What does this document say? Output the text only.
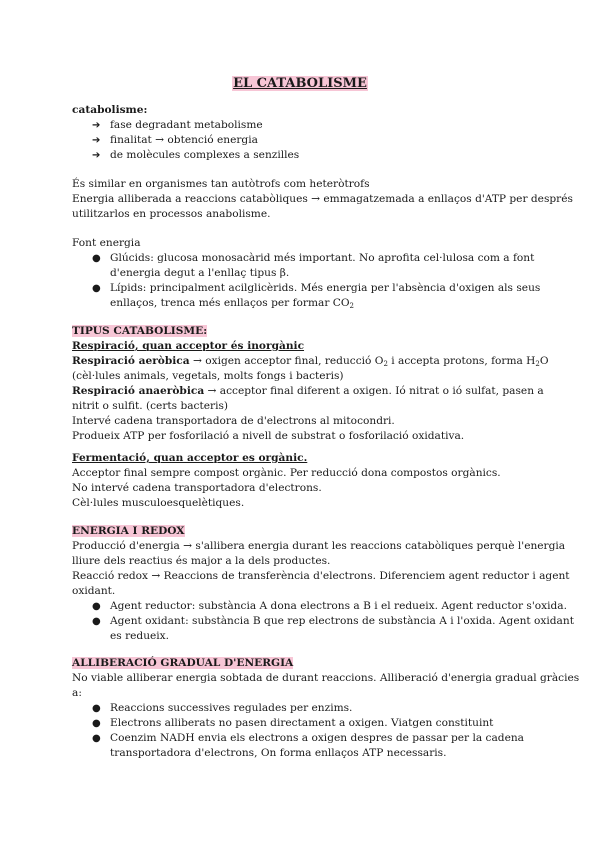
EL CATABOLISME
catabolisme:
➔ fase degradant metabolisme
➔ finalitat → obtenció energia
➔ de molècules complexes a senzilles
És similar en organismes tan autòtrofs com heteròtrofs
Energia alliberada a reaccions catabòliques → emmagatzemada a enllaços d'ATP per després
utilitzarlos en processos anabolisme.
Font energia
● Glúcids: glucosa monosacàrid més important. No aprofita cel·lulosa com a font
d'energia degut a l'enllaç tipus β.
● Lípids: principalment acilglicèrids. Més energia per l'absència d'oxigen als seus
enllaços, trenca més enllaços per formar $CO_2$
TIPUS CATABOLISME:
Respiració, quan acceptor és inorgànic
Respiració aeròbica → oxigen acceptor final, reducció $O_2$ i accepta protons, forma $H_2O$
(cèl·lules animals, vegetals, molts fongs i bacteris)
Respiració anaeròbica → acceptor final diferent a oxigen. Ió nitrat o ió sulfat, pasen a
nitrit o sulfit. (certs bacteris)
Intervé cadena transportadora de d'electrons al mitocondri.
Produeix ATP per fosforilació a nivell de substrat o fosforilació oxidativa.
Fermentació, quan acceptor es orgànic.
Acceptor final sempre compost orgànic. Per reducció dona compostos orgànics.
No intervé cadena transportadora d'electrons.
Cèl·lules musculoesquelètiques.
ENERGIA I REDOX
Producció d'energia → s'allibera energia durant les reaccions catabòliques perquè l'energia
lliure dels reactius és major a la dels productes.
Reacció redox → Reaccions de transferència d'electrons. Diferenciem agent reductor i agent
oxidant.
● Agent reductor: substància A dona electrons a B i el redueix. Agent reductor s'oxida.
● Agent oxidant: substància B que rep electrons de substància A i l'oxida. Agent oxidant
es redueix.
ALLIBERACIÓ GRADUAL D'ENERGIA
No viable alliberar energia sobtada de durant reaccions. Alliberació d'energia gradual gràcies
a:
● Reaccions successives regulades per enzims.
● Electrons alliberats no pasen directament a oxigen. Viatgen constituint
● Coenzim NADH envia els electrons a oxigen despres de passar per la cadena
transportadora d'electrons, On forma enllaços ATP necessaris.
